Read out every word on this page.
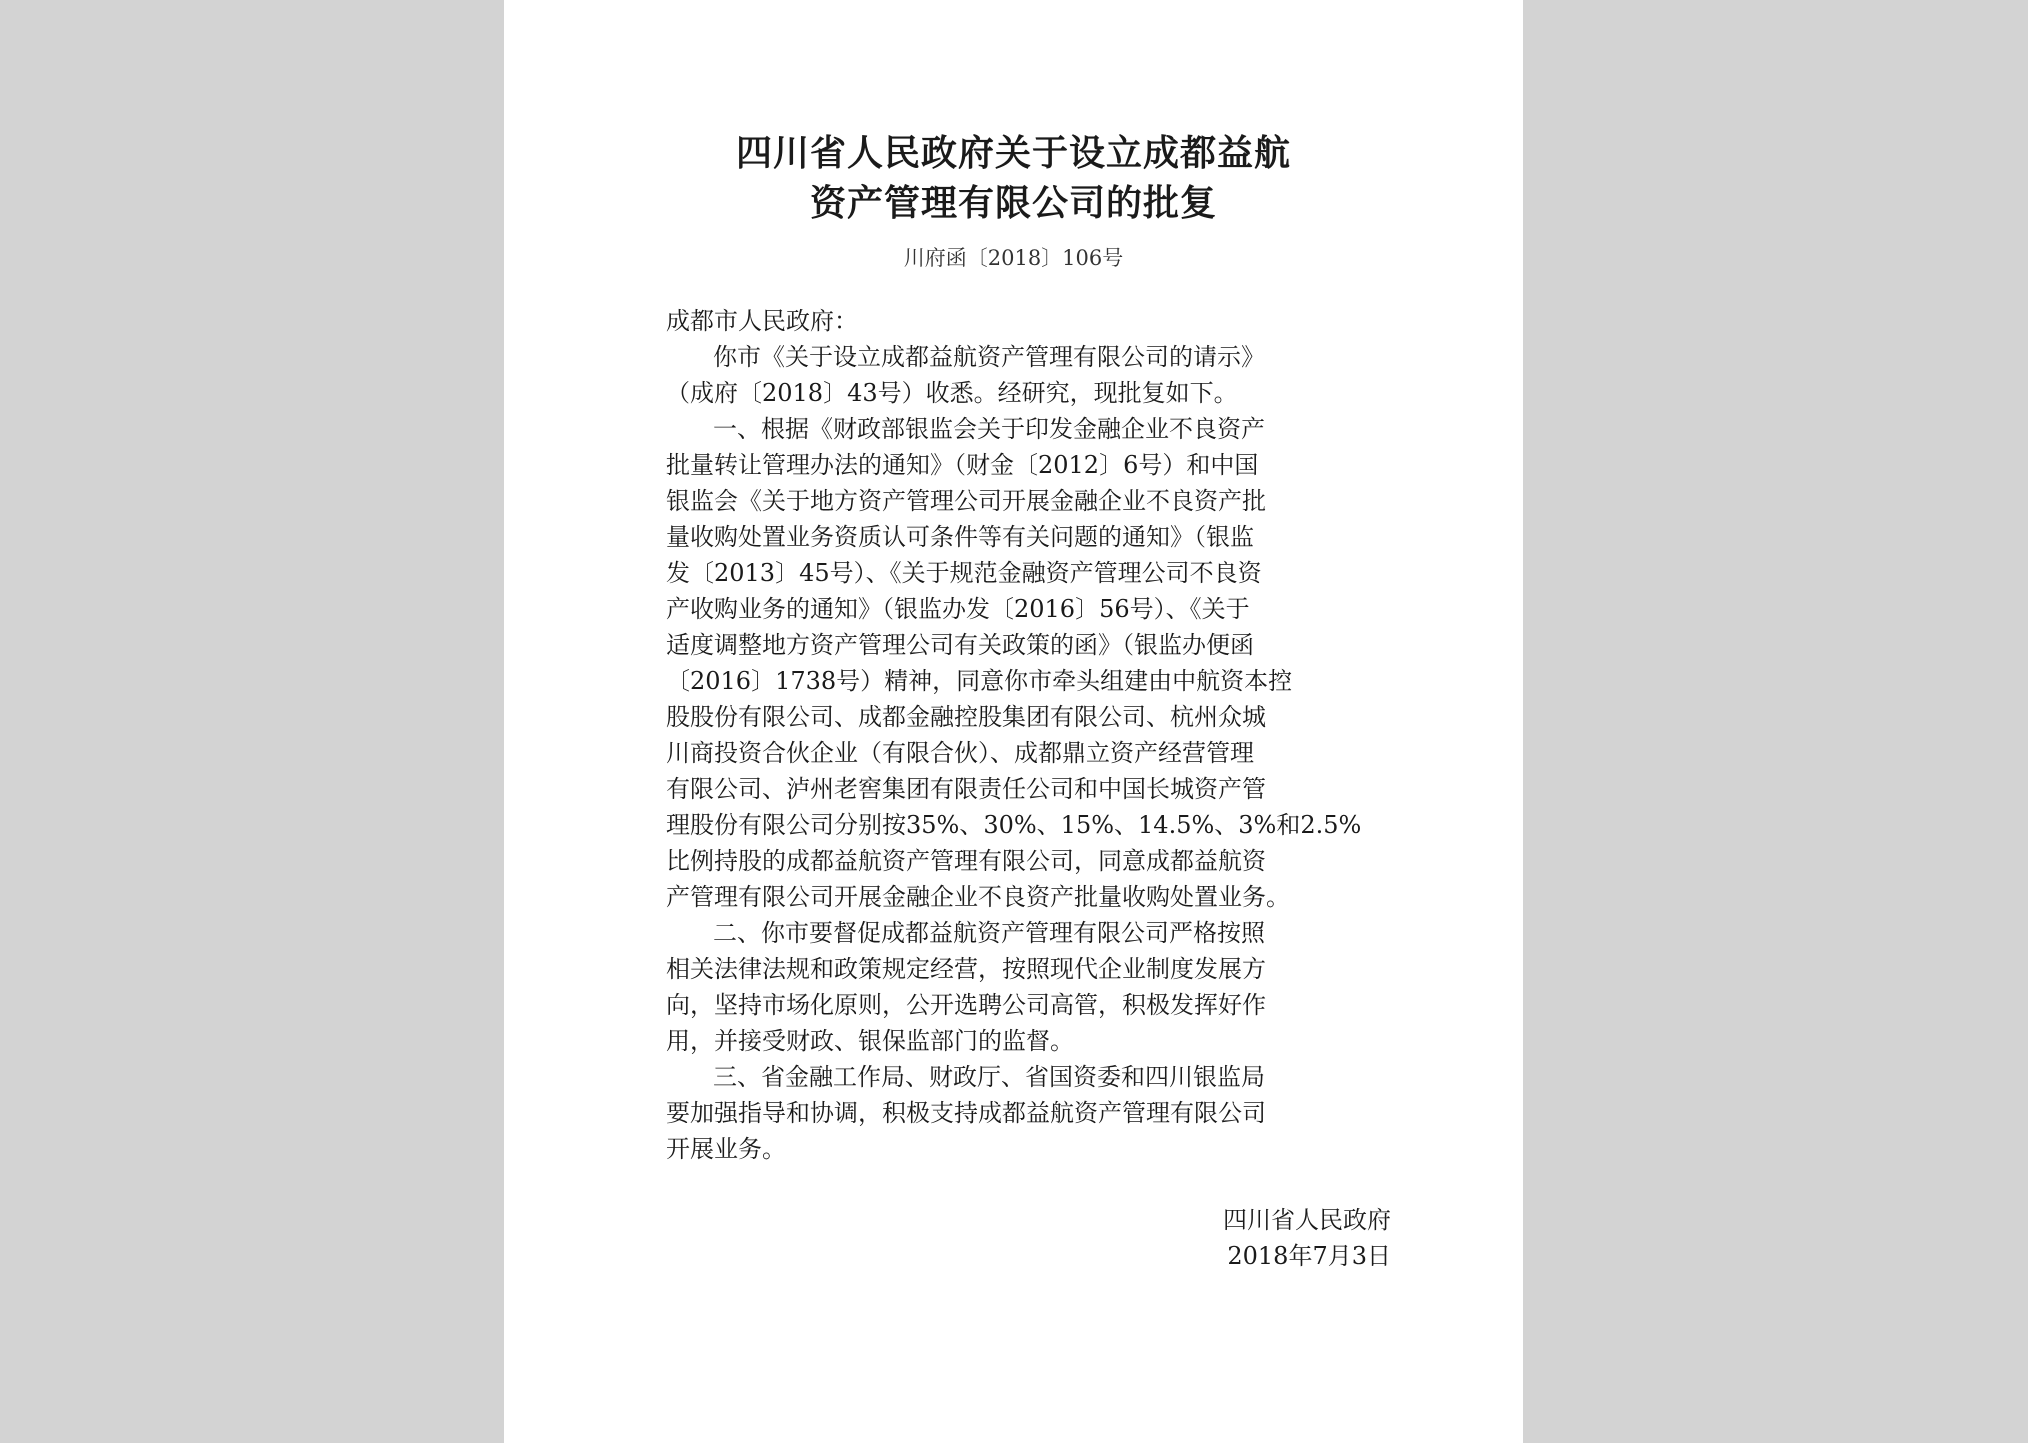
四川省人民政府关于设立成都益航
资产管理有限公司的批复
川府函〔2018〕106号
成都市人民政府：
你市《关于设立成都益航资产管理有限公司的请示》
（成府〔2018〕43号）收悉。经研究，现批复如下。
一、根据《财政部银监会关于印发金融企业不良资产
批量转让管理办法的通知》（财金〔2012〕6号）和中国
银监会《关于地方资产管理公司开展金融企业不良资产批
量收购处置业务资质认可条件等有关问题的通知》（银监
发〔2013〕45号）、《关于规范金融资产管理公司不良资
产收购业务的通知》（银监办发〔2016〕56号）、《关于
适度调整地方资产管理公司有关政策的函》（银监办便函
〔2016〕1738号）精神，同意你市牵头组建由中航资本控
股股份有限公司、成都金融控股集团有限公司、杭州众城
川商投资合伙企业（有限合伙）、成都鼎立资产经营管理
有限公司、泸州老窖集团有限责任公司和中国长城资产管
理股份有限公司分别按35%、30%、15%、14.5%、3%和2.5%
比例持股的成都益航资产管理有限公司，同意成都益航资
产管理有限公司开展金融企业不良资产批量收购处置业务。
二、你市要督促成都益航资产管理有限公司严格按照
相关法律法规和政策规定经营，按照现代企业制度发展方
向，坚持市场化原则，公开选聘公司高管，积极发挥好作
用，并接受财政、银保监部门的监督。
三、省金融工作局、财政厅、省国资委和四川银监局
要加强指导和协调，积极支持成都益航资产管理有限公司
开展业务。
四川省人民政府
2018年7月3日
